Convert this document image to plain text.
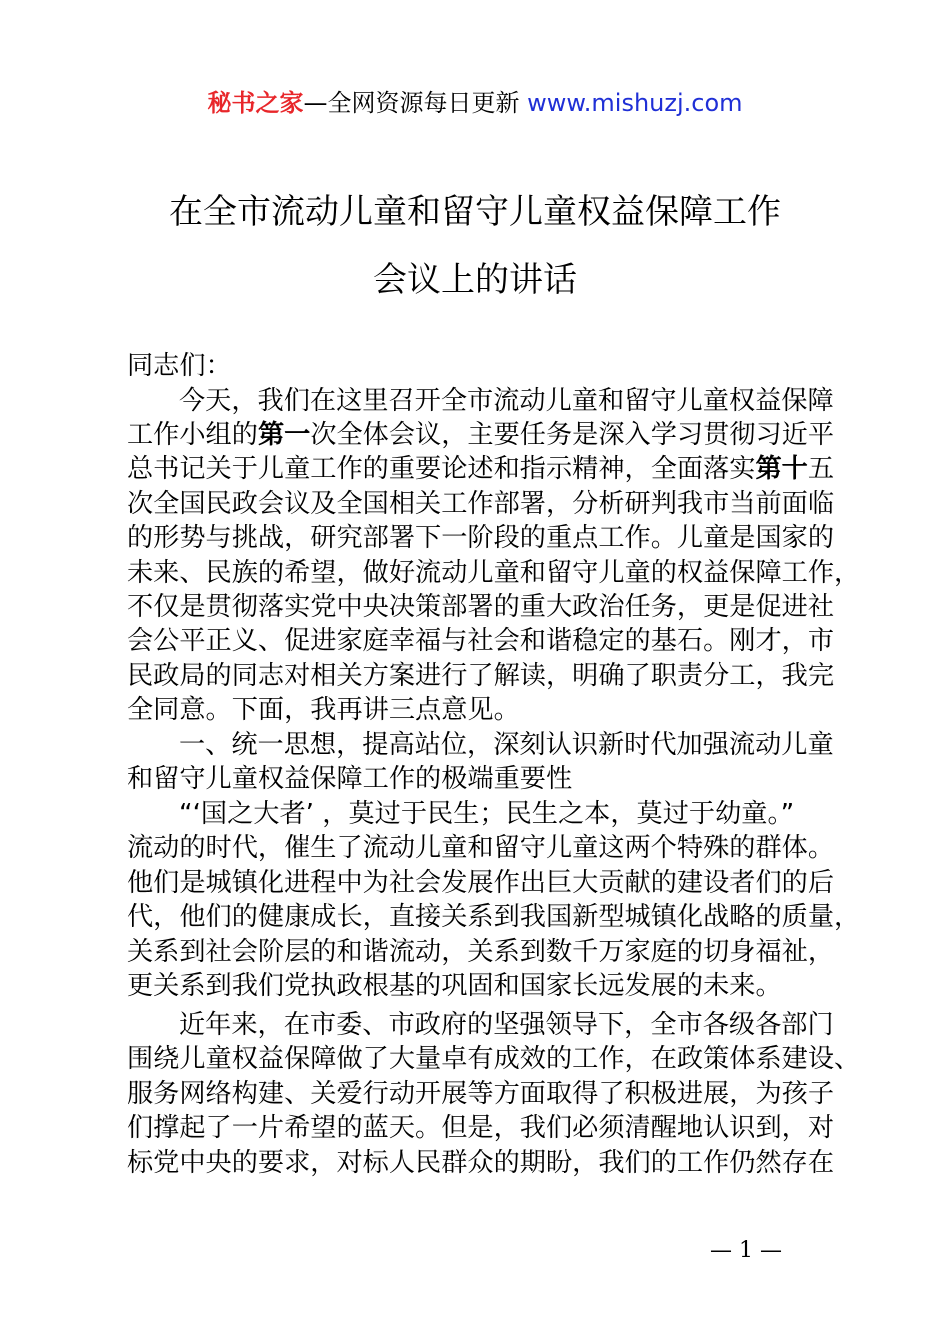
秘书之家—全网资源每日更新 www.mishuzj.com
在全市流动儿童和留守儿童权益保障工作
会议上的讲话
同志们：
今天，我们在这里召开全市流动儿童和留守儿童权益保障
工作小组的第一次全体会议，主要任务是深入学习贯彻习近平
总书记关于儿童工作的重要论述和指示精神，全面落实第十五
次全国民政会议及全国相关工作部署，分析研判我市当前面临
的形势与挑战，研究部署下一阶段的重点工作。儿童是国家的
未来、民族的希望，做好流动儿童和留守儿童的权益保障工作，
不仅是贯彻落实党中央决策部署的重大政治任务，更是促进社
会公平正义、促进家庭幸福与社会和谐稳定的基石。刚才，市
民政局的同志对相关方案进行了解读，明确了职责分工，我完
全同意。下面，我再讲三点意见。
一、统一思想，提高站位，深刻认识新时代加强流动儿童
和留守儿童权益保障工作的极端重要性
“‘国之大者’ ，莫过于民生；民生之本，莫过于幼童。”
流动的时代，催生了流动儿童和留守儿童这两个特殊的群体。
他们是城镇化进程中为社会发展作出巨大贡献的建设者们的后
代，他们的健康成长，直接关系到我国新型城镇化战略的质量，
关系到社会阶层的和谐流动，关系到数千万家庭的切身福祉，
更关系到我们党执政根基的巩固和国家长远发展的未来。
近年来，在市委、市政府的坚强领导下，全市各级各部门
围绕儿童权益保障做了大量卓有成效的工作，在政策体系建设、
服务网络构建、关爱行动开展等方面取得了积极进展，为孩子
们撑起了一片希望的蓝天。但是，我们必须清醒地认识到，对
标党中央的要求，对标人民群众的期盼，我们的工作仍然存在
— 1 —
